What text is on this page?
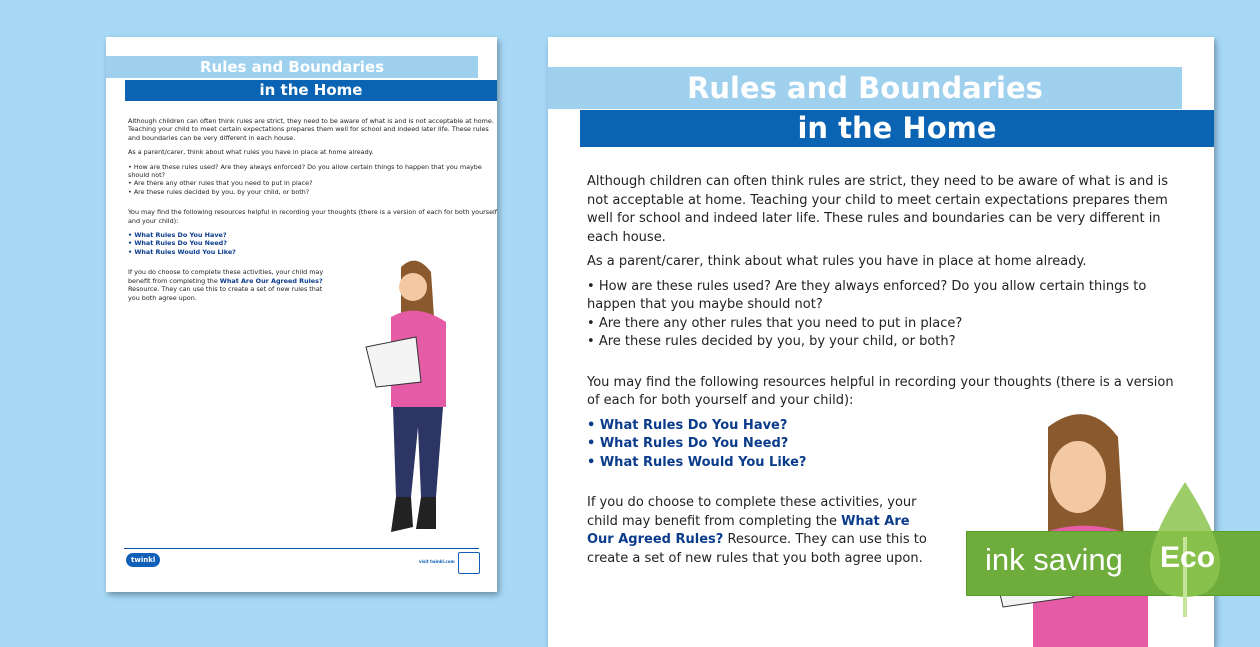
Rules and Boundaries
in the Home

Although children can often think rules are strict, they need to be aware of what is and is not acceptable at home. Teaching your child to meet certain expectations prepares them well for school and indeed later life. These rules and boundaries can be very different in each house.

As a parent/carer, think about what rules you have in place at home already.

• How are these rules used? Are they always enforced? Do you allow certain things to happen that you maybe should not?
• Are there any other rules that you need to put in place?
• Are these rules decided by you, by your child, or both?

You may find the following resources helpful in recording your thoughts (there is a version of each for both yourself and your child):

• What Rules Do You Have?
• What Rules Do You Need?
• What Rules Would You Like?

If you do choose to complete these activities, your child may benefit from completing the What Are Our Agreed Rules? Resource. They can use this to create a set of new rules that you both agree upon.

twinkl	visit twinkl.com
Rules and Boundaries
in the Home

Although children can often think rules are strict, they need to be aware of what is and is not acceptable at home. Teaching your child to meet certain expectations prepares them well for school and indeed later life. These rules and boundaries can be very different in each house.

As a parent/carer, think about what rules you have in place at home already.

• How are these rules used? Are they always enforced? Do you allow certain things to happen that you maybe should not?
• Are there any other rules that you need to put in place?
• Are these rules decided by you, by your child, or both?

You may find the following resources helpful in recording your thoughts (there is a version of each for both yourself and your child):

• What Rules Do You Have?
• What Rules Do You Need?
• What Rules Would You Like?

If you do choose to complete these activities, your child may benefit from completing the What Are Our Agreed Rules? Resource. They can use this to create a set of new rules that you both agree upon.	ink saving Eco
